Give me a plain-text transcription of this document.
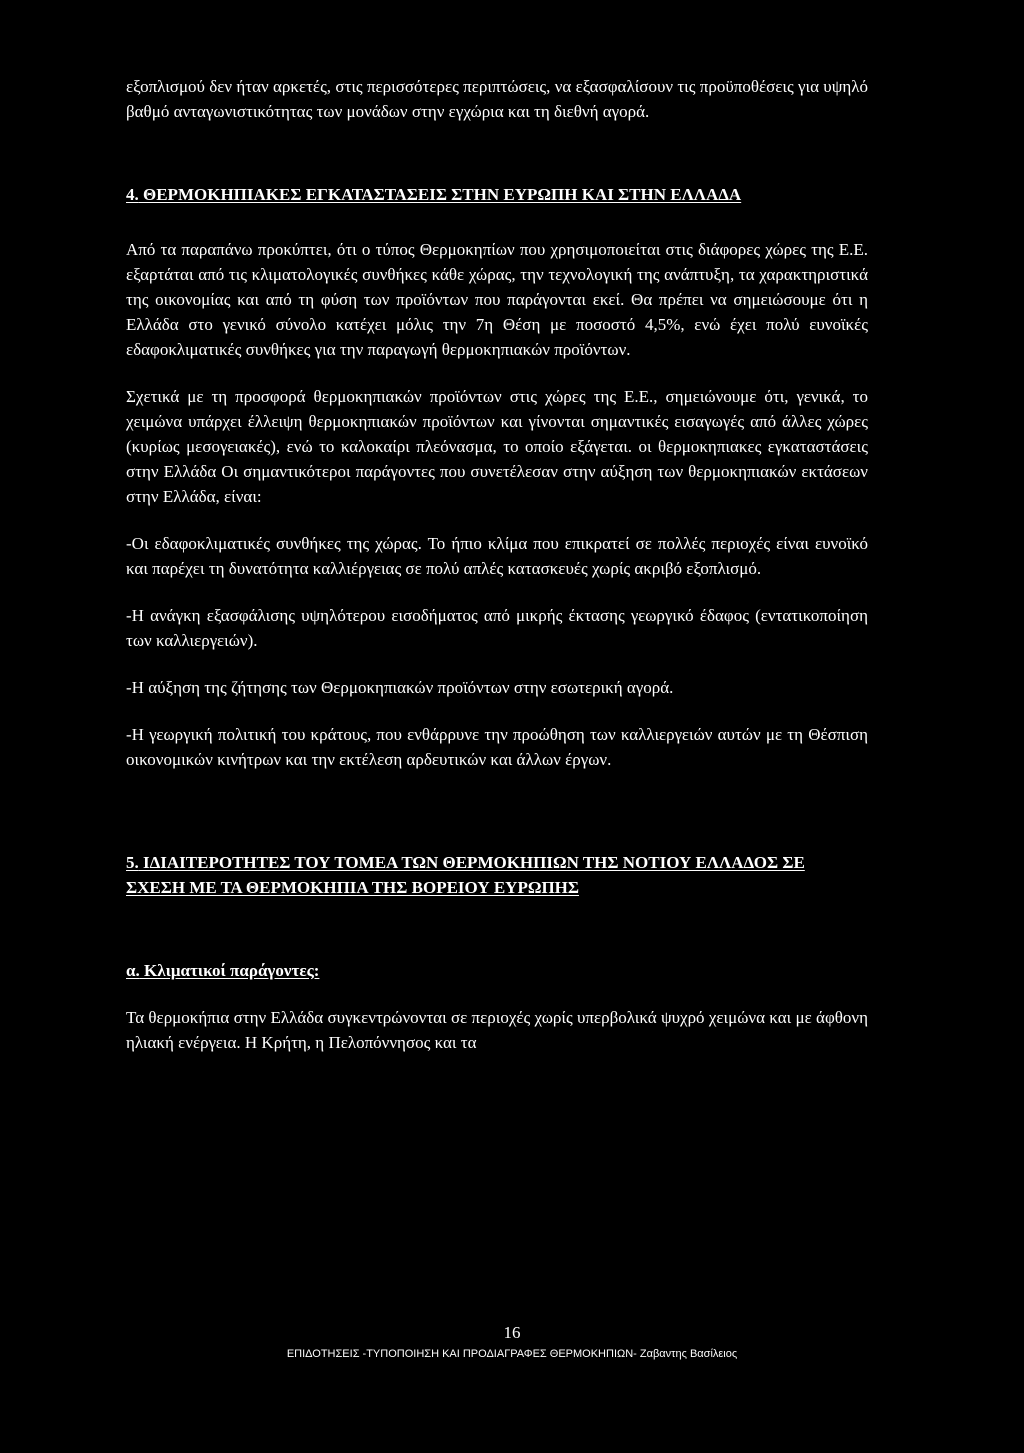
εξοπλισμού δεν ήταν αρκετές, στις περισσότερες περιπτώσεις, να εξασφαλίσουν τις προϋποθέσεις για υψηλό βαθμό ανταγωνιστικότητας των μονάδων στην εγχώρια και τη διεθνή αγορά.

4. ΘΕΡΜΟΚΗΠΙΑΚΕΣ ΕΓΚΑΤΑΣΤΑΣΕΙΣ ΣΤΗΝ ΕΥΡΩΠΗ ΚΑΙ ΣΤΗΝ ΕΛΛΑΔΑ

Από τα παραπάνω προκύπτει, ότι ο τύπος Θερμοκηπίων που χρησιμοποιείται στις διάφορες χώρες της Ε.Ε. εξαρτάται από τις κλιματολογικές συνθήκες κάθε χώρας, την τεχνολογική της ανάπτυξη, τα χαρακτηριστικά της οικονομίας και από τη φύση των προϊόντων που παράγονται εκεί. Θα πρέπει να σημειώσουμε ότι η Ελλάδα στο γενικό σύνολο κατέχει μόλις την 7η Θέση με ποσοστό 4,5%, ενώ έχει πολύ ευνοϊκές εδαφοκλιματικές συνθήκες για την παραγωγή θερμοκηπιακών προϊόντων.

Σχετικά με τη προσφορά θερμοκηπιακών προϊόντων στις χώρες της Ε.Ε., σημειώνουμε ότι, γενικά, το χειμώνα υπάρχει έλλειψη θερμοκηπιακών προϊόντων και γίνονται σημαντικές εισαγωγές από άλλες χώρες (κυρίως μεσογειακές), ενώ το καλοκαίρι πλεόνασμα, το οποίο εξάγεται. οι θερμοκηπιακες εγκαταστάσεις στην Ελλάδα Οι σημαντικότεροι παράγοντες που συνετέλεσαν στην αύξηση των θερμοκηπιακών εκτάσεων στην Ελλάδα, είναι:

-Οι εδαφοκλιματικές συνθήκες της χώρας. Το ήπιο κλίμα που επικρατεί σε πολλές περιοχές είναι ευνοϊκό και παρέχει τη δυνατότητα καλλιέργειας σε πολύ απλές κατασκευές χωρίς ακριβό εξοπλισμό.

-Η ανάγκη εξασφάλισης υψηλότερου εισοδήματος από μικρής έκτασης γεωργικό έδαφος (εντατικοποίηση των καλλιεργειών).

-Η αύξηση της ζήτησης των Θερμοκηπιακών προϊόντων στην εσωτερική αγορά.

-Η γεωργική πολιτική του κράτους, που ενθάρρυνε την προώθηση των καλλιεργειών αυτών με τη Θέσπιση οικονομικών κινήτρων και την εκτέλεση αρδευτικών και άλλων έργων.

5. ΙΔΙΑΙΤΕΡΟΤΗΤΕΣ ΤΟΥ ΤΟΜΕΑ ΤΩΝ ΘΕΡΜΟΚΗΠΙΩΝ ΤΗΣ ΝΟΤΙΟΥ ΕΛΛΑΔΟΣ ΣΕ ΣΧΕΣΗ ΜΕ ΤΑ ΘΕΡΜΟΚΗΠΙΑ ΤΗΣ ΒΟΡΕΙΟΥ ΕΥΡΩΠΗΣ
α. Κλιματικοί παράγοντες:

Τα θερμοκήπια στην Ελλάδα συγκεντρώνονται σε περιοχές χωρίς υπερβολικά ψυχρό χειμώνα και με άφθονη ηλιακή ενέργεια. Η Κρήτη, η Πελοπόννησος και τα

16
ΕΠΙΔΟΤΗΣΕΙΣ -ΤΥΠΟΠΟΙΗΣΗ ΚΑΙ ΠΡΟΔΙΑΓΡΑΦΕΣ ΘΕΡΜΟΚΗΠΙΩΝ- Ζαβαντης Βασίλειος
